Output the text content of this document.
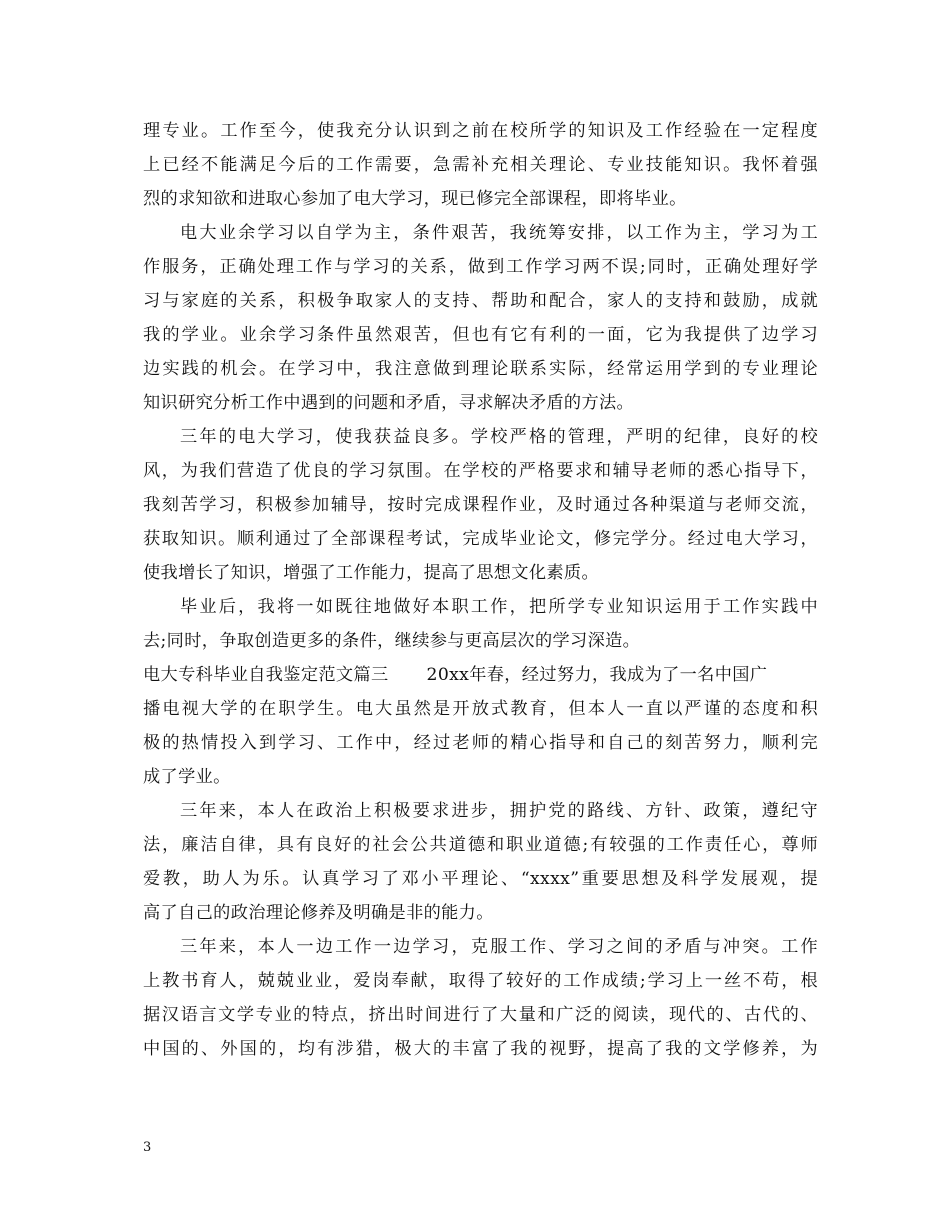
理专业。工作至今，使我充分认识到之前在校所学的知识及工作经验在一定程度
上已经不能满足今后的工作需要，急需补充相关理论、专业技能知识。我怀着强
烈的求知欲和进取心参加了电大学习，现已修完全部课程，即将毕业。
电大业余学习以自学为主，条件艰苦，我统筹安排，以工作为主，学习为工
作服务，正确处理工作与学习的关系，做到工作学习两不误;同时，正确处理好学
习与家庭的关系，积极争取家人的支持、帮助和配合，家人的支持和鼓励，成就
我的学业。业余学习条件虽然艰苦，但也有它有利的一面，它为我提供了边学习
边实践的机会。在学习中，我注意做到理论联系实际，经常运用学到的专业理论
知识研究分析工作中遇到的问题和矛盾，寻求解决矛盾的方法。
三年的电大学习，使我获益良多。学校严格的管理，严明的纪律，良好的校
风，为我们营造了优良的学习氛围。在学校的严格要求和辅导老师的悉心指导下，
我刻苦学习，积极参加辅导，按时完成课程作业，及时通过各种渠道与老师交流，
获取知识。顺利通过了全部课程考试，完成毕业论文，修完学分。经过电大学习，
使我增长了知识，增强了工作能力，提高了思想文化素质。
毕业后，我将一如既往地做好本职工作，把所学专业知识运用于工作实践中
去;同时，争取创造更多的条件，继续参与更高层次的学习深造。
电大专科毕业自我鉴定范文篇三 20xx年春，经过努力，我成为了一名中国广
播电视大学的在职学生。电大虽然是开放式教育，但本人一直以严谨的态度和积
极的热情投入到学习、工作中，经过老师的精心指导和自己的刻苦努力，顺利完
成了学业。
三年来，本人在政治上积极要求进步，拥护党的路线、方针、政策，遵纪守
法，廉洁自律，具有良好的社会公共道德和职业道德;有较强的工作责任心，尊师
爱教，助人为乐。认真学习了邓小平理论、“xxxx”重要思想及科学发展观，提
高了自己的政治理论修养及明确是非的能力。
三年来，本人一边工作一边学习，克服工作、学习之间的矛盾与冲突。工作
上教书育人，兢兢业业，爱岗奉献，取得了较好的工作成绩;学习上一丝不苟，根
据汉语言文学专业的特点，挤出时间进行了大量和广泛的阅读，现代的、古代的、
中国的、外国的，均有涉猎，极大的丰富了我的视野，提高了我的文学修养，为
3
